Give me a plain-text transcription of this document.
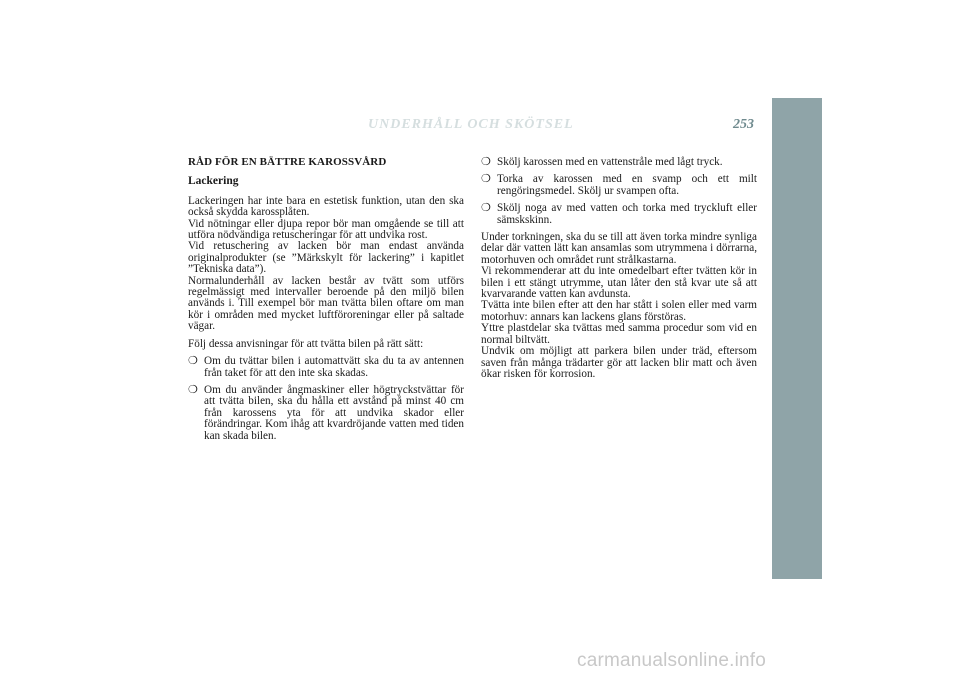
UNDERHÅLL OCH SKÖTSEL	253
RÅD FÖR EN BÄTTRE KAROSSVÅRD
Lackering

Lackeringen har inte bara en estetisk funktion, utan den ska också skydda karossplåten.

Vid nötningar eller djupa repor bör man omgående se till att utföra nödvändiga retuscheringar för att undvika rost.

Vid retuschering av lacken bör man endast använda originalprodukter (se ”Märkskylt för lackering” i kapitlet ”Tekniska data”).

Normalunderhåll av lacken består av tvätt som utförs regelmässigt med intervaller beroende på den miljö bilen används i. Till exempel bör man tvätta bilen oftare om man kör i områden med mycket luftföroreningar eller på saltade vägar.

Följ dessa anvisningar för att tvätta bilen på rätt sätt:

❍ Om du tvättar bilen i automattvätt ska du ta av antennen från taket för att den inte ska skadas.
❍ Om du använder ångmaskiner eller högtryckstvättar för att tvätta bilen, ska du hålla ett avstånd på minst 40 cm från karossens yta för att undvika skador eller förändringar. Kom ihåg att kvardröjande vatten med tiden kan skada bilen.
❍ Skölj karossen med en vattenstråle med lågt tryck.
❍ Torka av karossen med en svamp och ett milt rengöringsmedel. Skölj ur svampen ofta.
❍ Skölj noga av med vatten och torka med tryckluft eller sämskskinn.

Under torkningen, ska du se till att även torka mindre synliga delar där vatten lätt kan ansamlas som utrymmena i dörrarna, motorhuven och området runt strålkastarna.

Vi rekommenderar att du inte omedelbart efter tvätten kör in bilen i ett stängt utrymme, utan låter den stå kvar ute så att kvarvarande vatten kan avdunsta.

Tvätta inte bilen efter att den har stått i solen eller med varm motorhuv: annars kan lackens glans förstöras.

Yttre plastdelar ska tvättas med samma procedur som vid en normal biltvätt.

Undvik om möjligt att parkera bilen under träd, eftersom saven från många trädarter gör att lacken blir matt och även ökar risken för korrosion.

carmanualsonline.info
